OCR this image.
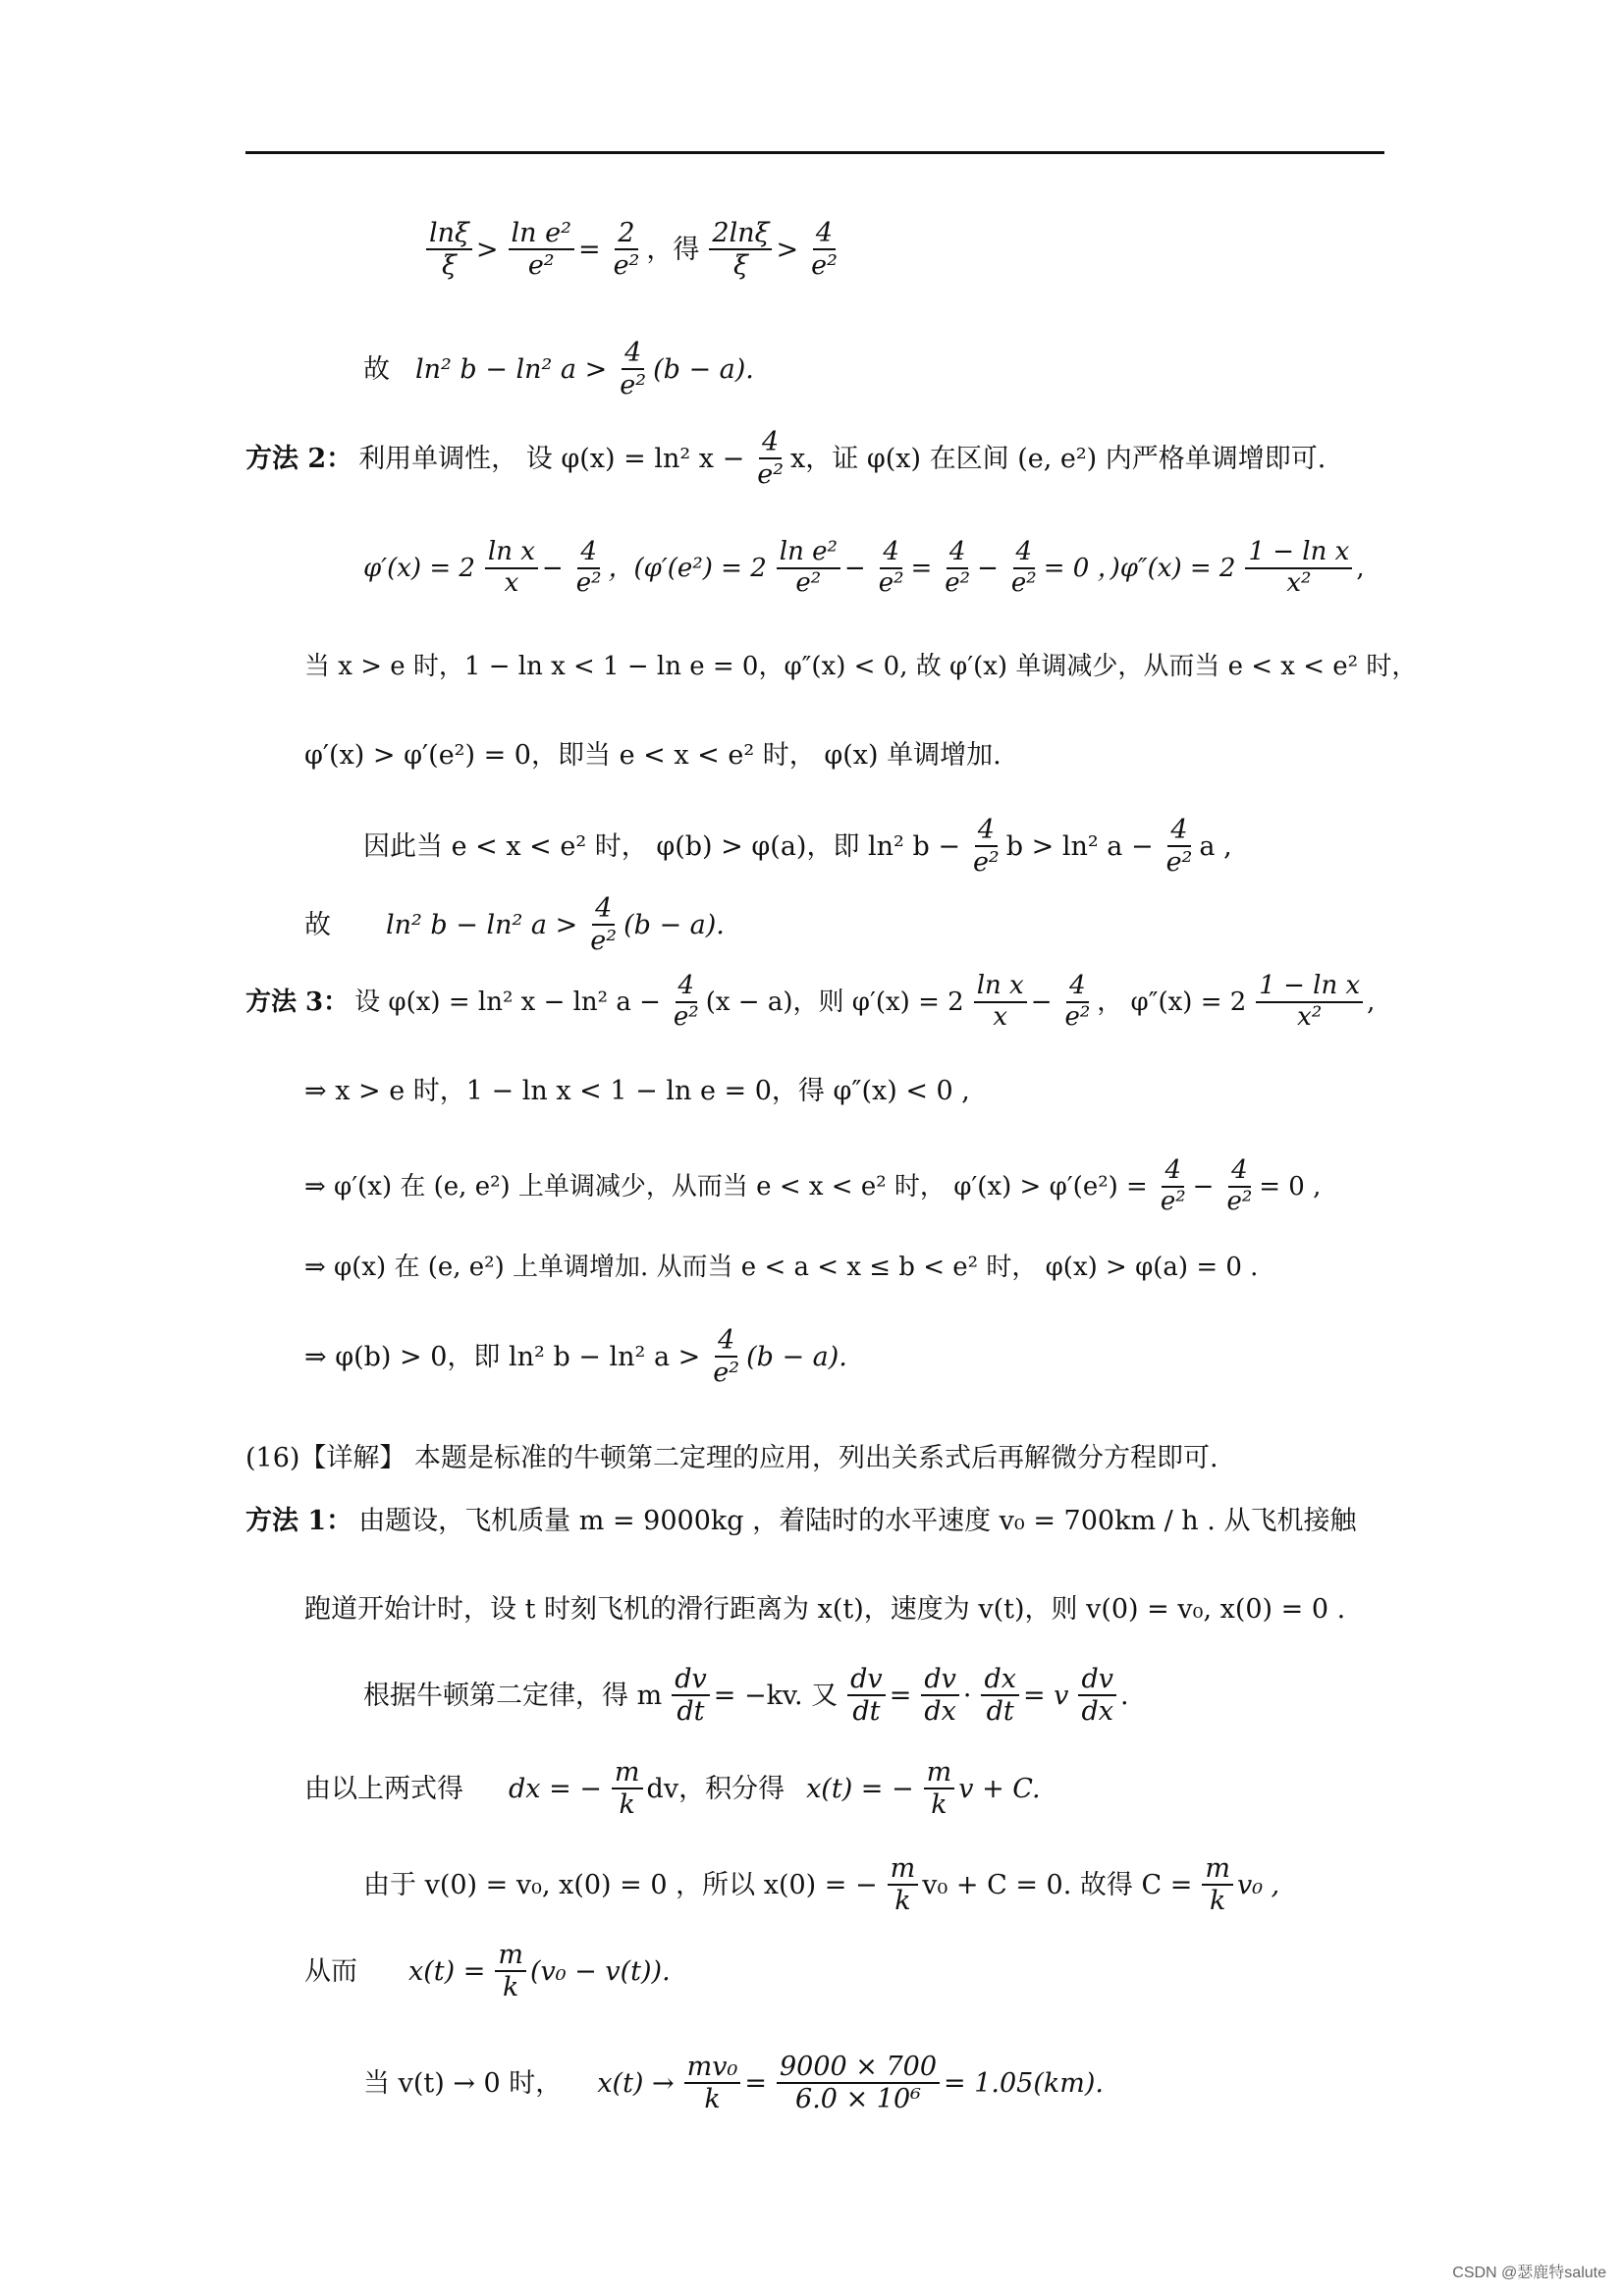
$\frac{\ln\xi}{\xi} > \frac{\text{ln e²}}{\text{e²}} = \frac{2}{\text{e²}}$ ，得 $\frac{2\ln\xi}{\xi} > \frac{4}{\text{e²}}$
故 ln² b − ln² $a > \frac{4}{\text{e²}} (b - a)$.
方法 2： 利用单调性， 设 φ(x) = ln² $x - \frac{4}{\text{e²}}$ x，证 φ(x) 在区间 (e, e²) 内严格单调增即可.
$\varphi'(x) = 2 \frac{\text{ln x}}{x} - \frac{4}{\text{e²}}$ ，($\varphi'(e^2) = 2 \frac{\text{ln e²}}{\text{e²}} - \frac{4}{\text{e²}} = \frac{4}{\text{e²}} - \frac{4}{\text{e²}} = 0$ ，)$\varphi''(x) = 2 \frac{\text{1 − ln x}}{\text{x²}}$ ,
当 x > e 时，1 − ln x < 1 − ln e = 0，φ″(x) < 0, 故 φ′(x) 单调减少，从而当 e < x < e² 时，
φ′(x) > φ′(e²) = 0，即当 e < x < e² 时， φ(x) 单调增加.
因此当 e < x < e² 时， φ(b) > φ(a)，即 ln² $b - \frac{4}{\text{e²}}$ b > ln² $a - \frac{4}{\text{e²}}$ a ,
故 ln² b − ln² $a > \frac{4}{\text{e²}} (b - a)$.
方法 3： 设 φ(x) = ln² x − ln² $a - \frac{4}{\text{e²}} (x - a)$，则 $\varphi'(x) = 2 \frac{\text{ln x}}{x} - \frac{4}{\text{e²}}$ ， $\varphi''(x) = 2 \frac{\text{1 − ln x}}{\text{x²}}$ ,
⇒ x > e 时，1 − ln x < 1 − ln e = 0，得 φ″(x) < 0 ,
⇒ φ′(x) 在 (e, e²) 上单调减少，从而当 e < x < e² 时， $\varphi'(x) > \varphi'(e^2) = \frac{4}{\text{e²}} - \frac{4}{\text{e²}} = 0$ ,
⇒ φ(x) 在 (e, e²) 上单调增加. 从而当 e < a < x ≤ b < e² 时， φ(x) > φ(a) = 0 .
⇒ φ(b) > 0，即 ln² b − ln² $a > \frac{4}{\text{e²}} (b - a)$.
(16)【详解】 本题是标准的牛顿第二定理的应用，列出关系式后再解微分方程即可.
方法 1： 由题设，飞机质量 m = 9000kg ，着陆时的水平速度 v₀ = 700km / h . 从飞机接触
跑道开始计时，设 t 时刻飞机的滑行距离为 x(t)，速度为 v(t)，则 v(0) = v₀, x(0) = 0 .
根据牛顿第二定律，得 m $\frac{dv}{dt} = -kv$. 又 $\frac{dv}{dt} = \frac{dv}{dx} \cdot \frac{dx}{dt} = v \frac{dv}{dx}$ .
由以上两式得 dx = − $\frac{m}{k}$ dv，积分得 x(t) = − $\frac{m}{k}$ v + C.
由于 v(0) = v₀, x(0) = 0 ，所以 x(0) = − $\frac{m}{k} v_0 + C = 0$. 故得 $C = \frac{m}{k} v_0$ ,
从而 $x(t) = \frac{m}{k} (v_0 - v(t))$.
当 v(t) → 0 时， $x(t) \to \frac{\text{mv₀}}{k} = \frac{9000 \times 700}{\text{6.0 × 10⁶}} = 1.05(km)$.
CSDN @瑟鹿特salute
